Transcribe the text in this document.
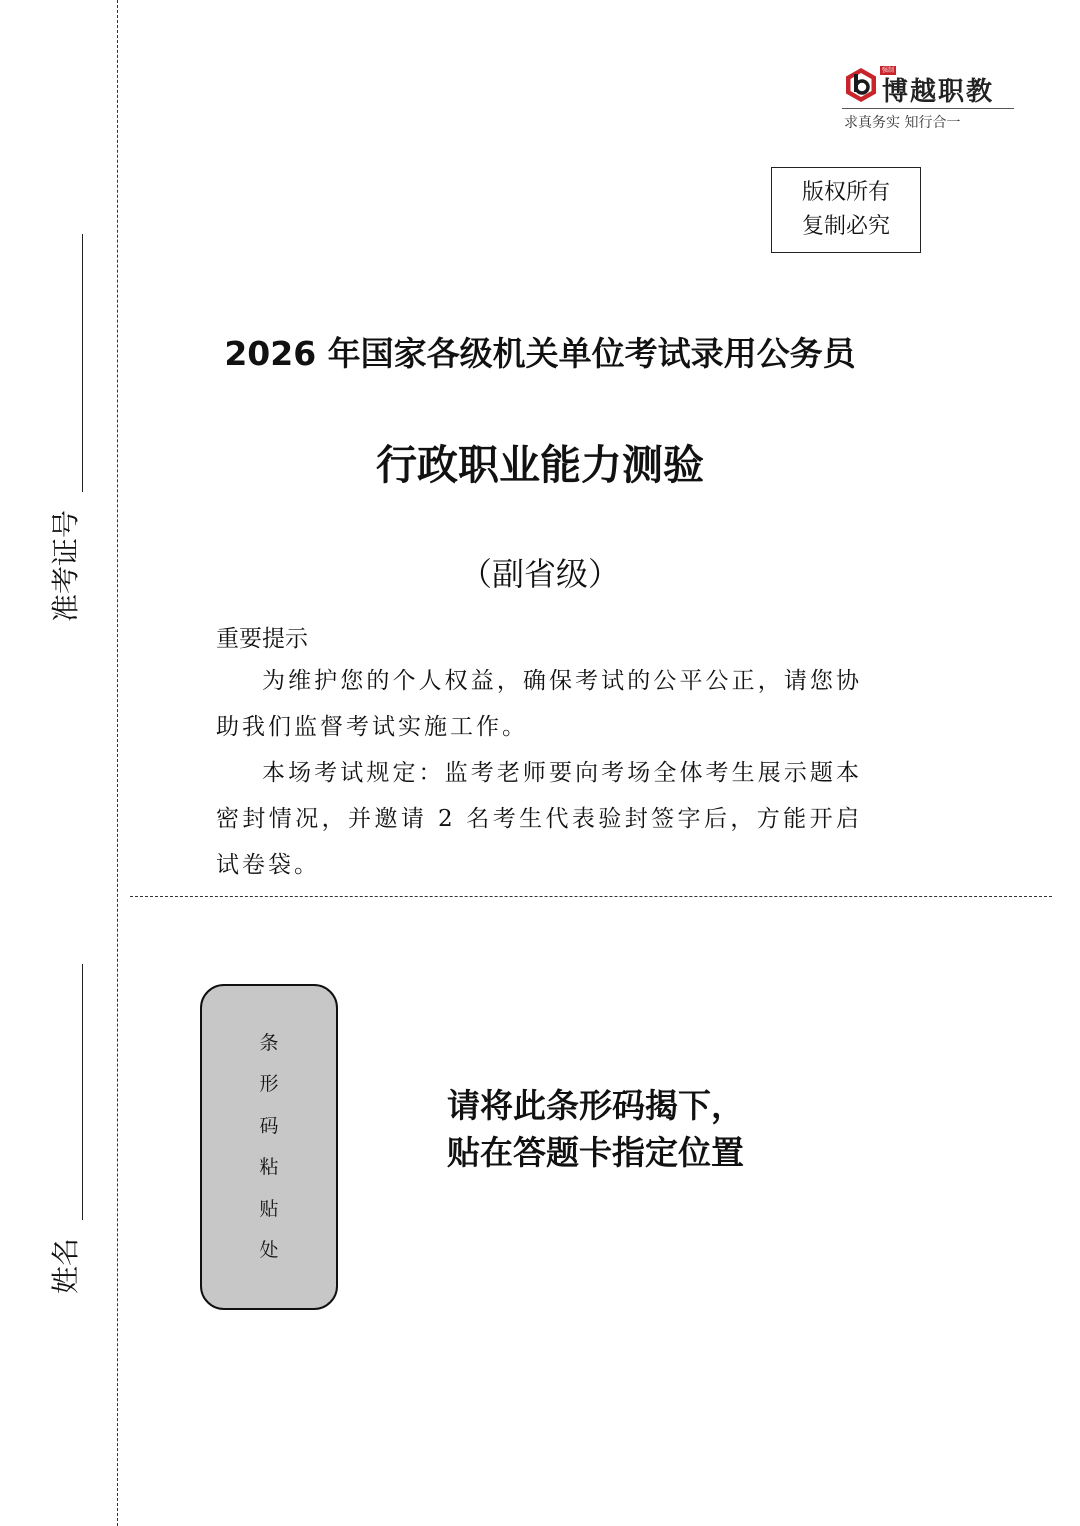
准考证号
姓名
强制
博越职教
求真务实 知行合一
版权所有
复制必究
2026 年国家各级机关单位考试录用公务员
行政职业能力测验
（副省级）
重要提示

为维护您的个人权益，确保考试的公平公正，请您协助我们监督考试实施工作。

本场考试规定：监考老师要向考场全体考生展示题本密封情况，并邀请 2 名考生代表验封签字后，方能开启试卷袋。

条
形
码
粘
贴
处
请将此条形码揭下，
贴在答题卡指定位置
